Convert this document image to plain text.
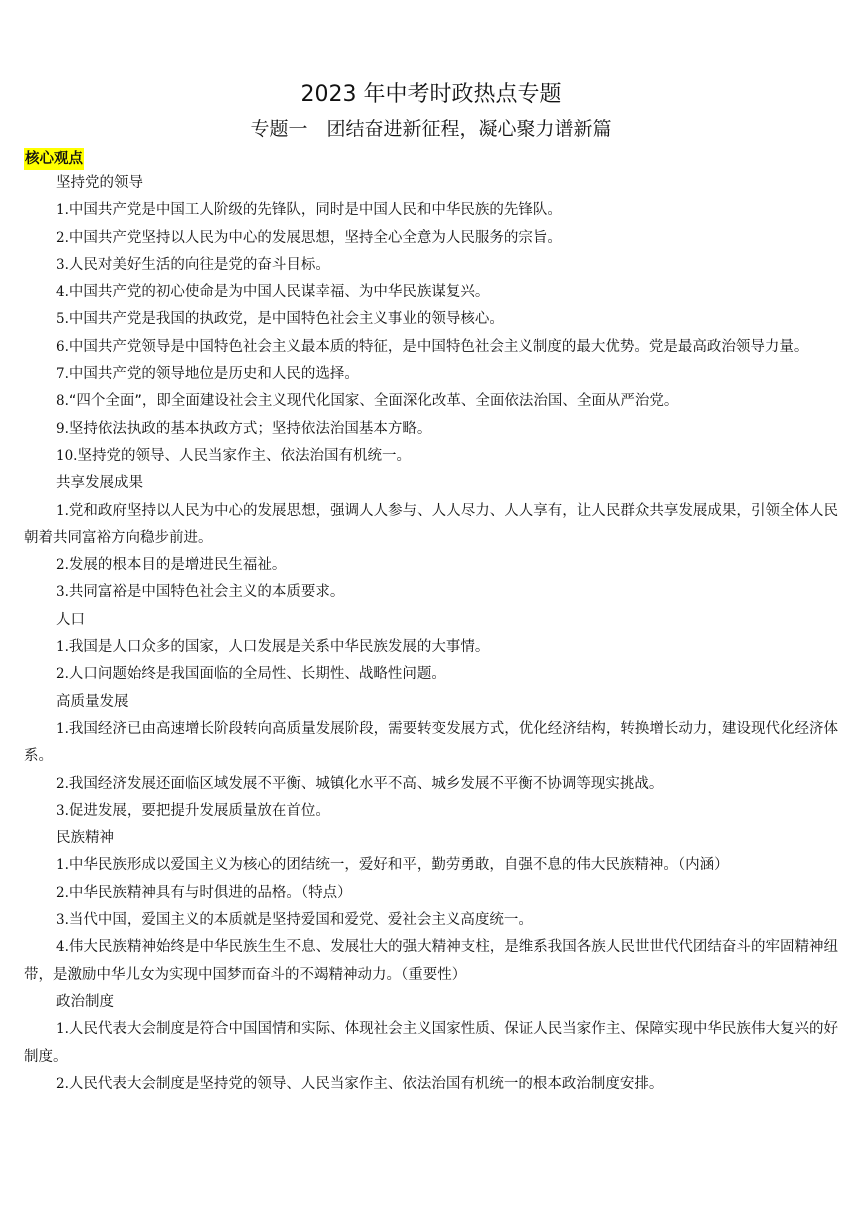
2023 年中考时政热点专题
专题一　团结奋进新征程，凝心聚力谱新篇
核心观点

坚持党的领导

1.中国共产党是中国工人阶级的先锋队，同时是中国人民和中华民族的先锋队。

2.中国共产党坚持以人民为中心的发展思想，坚持全心全意为人民服务的宗旨。

3.人民对美好生活的向往是党的奋斗目标。

4.中国共产党的初心使命是为中国人民谋幸福、为中华民族谋复兴。

5.中国共产党是我国的执政党，是中国特色社会主义事业的领导核心。

6.中国共产党领导是中国特色社会主义最本质的特征，是中国特色社会主义制度的最大优势。党是最高政治领导力量。

7.中国共产党的领导地位是历史和人民的选择。

8.“四个全面”，即全面建设社会主义现代化国家、全面深化改革、全面依法治国、全面从严治党。

9.坚持依法执政的基本执政方式；坚持依法治国基本方略。

10.坚持党的领导、人民当家作主、依法治国有机统一。

共享发展成果

1.党和政府坚持以人民为中心的发展思想，强调人人参与、人人尽力、人人享有，让人民群众共享发展成果，引领全体人民朝着共同富裕方向稳步前进。

2.发展的根本目的是增进民生福祉。

3.共同富裕是中国特色社会主义的本质要求。

人口

1.我国是人口众多的国家，人口发展是关系中华民族发展的大事情。

2.人口问题始终是我国面临的全局性、长期性、战略性问题。

高质量发展

1.我国经济已由高速增长阶段转向高质量发展阶段，需要转变发展方式，优化经济结构，转换增长动力，建设现代化经济体系。

2.我国经济发展还面临区域发展不平衡、城镇化水平不高、城乡发展不平衡不协调等现实挑战。

3.促进发展，要把提升发展质量放在首位。

民族精神

1.中华民族形成以爱国主义为核心的团结统一，爱好和平，勤劳勇敢，自强不息的伟大民族精神。（内涵）

2.中华民族精神具有与时俱进的品格。（特点）

3.当代中国，爱国主义的本质就是坚持爱国和爱党、爱社会主义高度统一。

4.伟大民族精神始终是中华民族生生不息、发展壮大的强大精神支柱，是维系我国各族人民世世代代团结奋斗的牢固精神纽带，是激励中华儿女为实现中国梦而奋斗的不竭精神动力。（重要性）

政治制度

1.人民代表大会制度是符合中国国情和实际、体现社会主义国家性质、保证人民当家作主、保障实现中华民族伟大复兴的好制度。

2.人民代表大会制度是坚持党的领导、人民当家作主、依法治国有机统一的根本政治制度安排。
